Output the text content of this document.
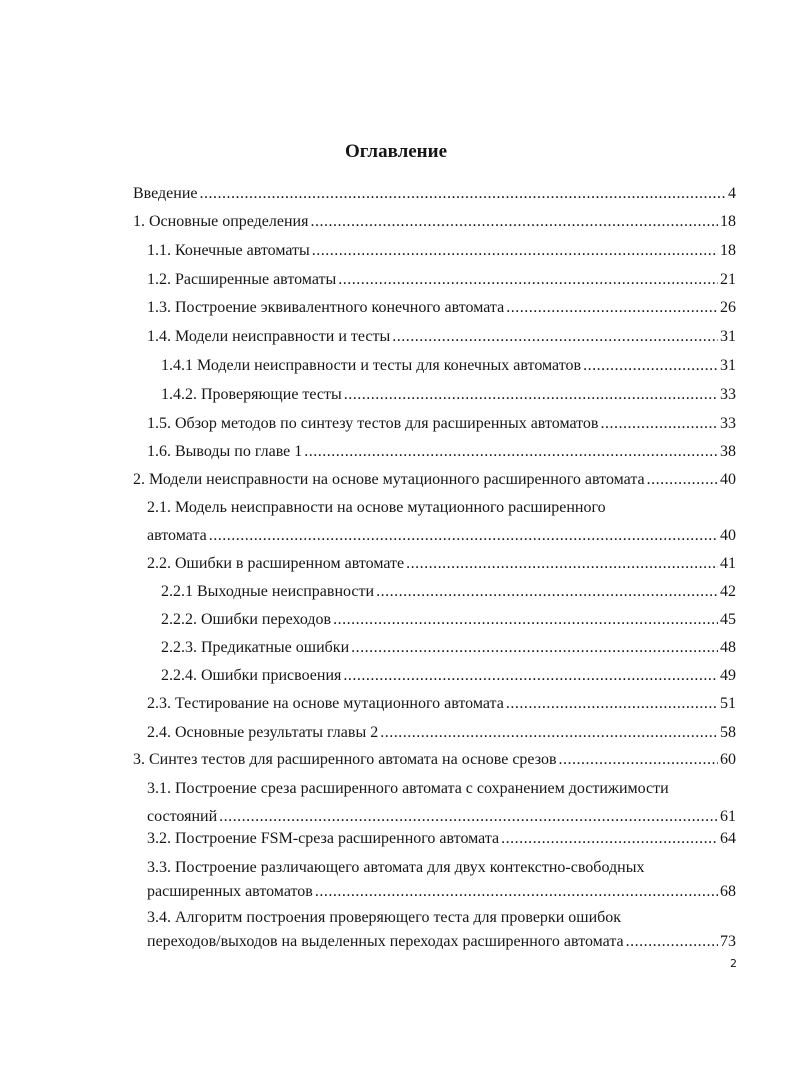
Оглавление
Введение .....	4
1. Основные определения .....	18
1.1. Конечные автоматы .....	18
1.2. Расширенные автоматы .....	21
1.3. Построение эквивалентного конечного автомата .....	26
1.4. Модели неисправности и тесты .....	31
1.4.1 Модели неисправности и тесты для конечных автоматов .....	31
1.4.2. Проверяющие тесты .....	33
1.5. Обзор методов по синтезу тестов для расширенных автоматов .....	33
1.6. Выводы по главе 1 .....	38
2. Модели неисправности на основе мутационного расширенного автомата .....	40
2.1. Модель неисправности на основе мутационного расширенного
автомата .....	40
2.2. Ошибки в расширенном автомате .....	41
2.2.1 Выходные неисправности .....	42
2.2.2. Ошибки переходов .....	45
2.2.3. Предикатные ошибки .....	48
2.2.4. Ошибки присвоения .....	49
2.3. Тестирование на основе мутационного автомата .....	51
2.4. Основные результаты главы 2 .....	58
3. Синтез тестов для расширенного автомата на основе срезов .....	60
3.1. Построение среза расширенного автомата с сохранением достижимости
состояний .....	61
3.2. Построение FSM-среза расширенного автомата .....	64
3.3. Построение различающего автомата для двух контекстно-свободных
расширенных автоматов .....	68
3.4. Алгоритм построения проверяющего теста для проверки ошибок
переходов/выходов на выделенных переходах расширенного автомата .....	73
2
